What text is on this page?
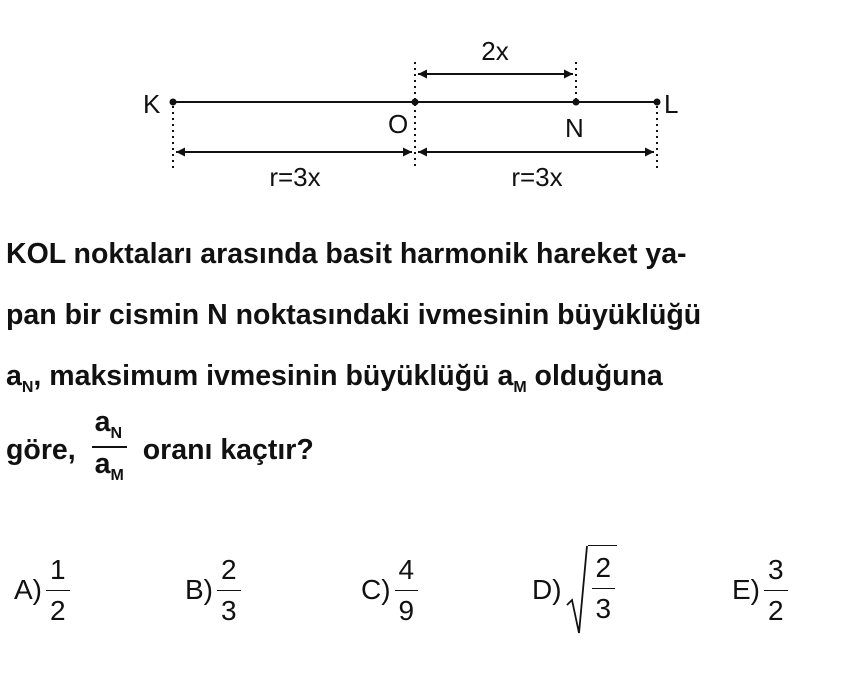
K
O	N
L
2x
r=3x	r=3x
KOL noktaları arasında basit harmonik hareket ya-
pan bir cismin N noktasındaki ivmesinin büyüklüğü
$a_N$, maksimum ivmesinin büyüklüğü $a_M$ olduğuna
göre, $\frac{a_N}{a_M}$ oranı kaçtır?
$A) \frac{1}{2}$	$B) \frac{2}{3}$	$C) \frac{4}{9}$	$D) \frac{2}{3}$	$E) \frac{3}{2}$
